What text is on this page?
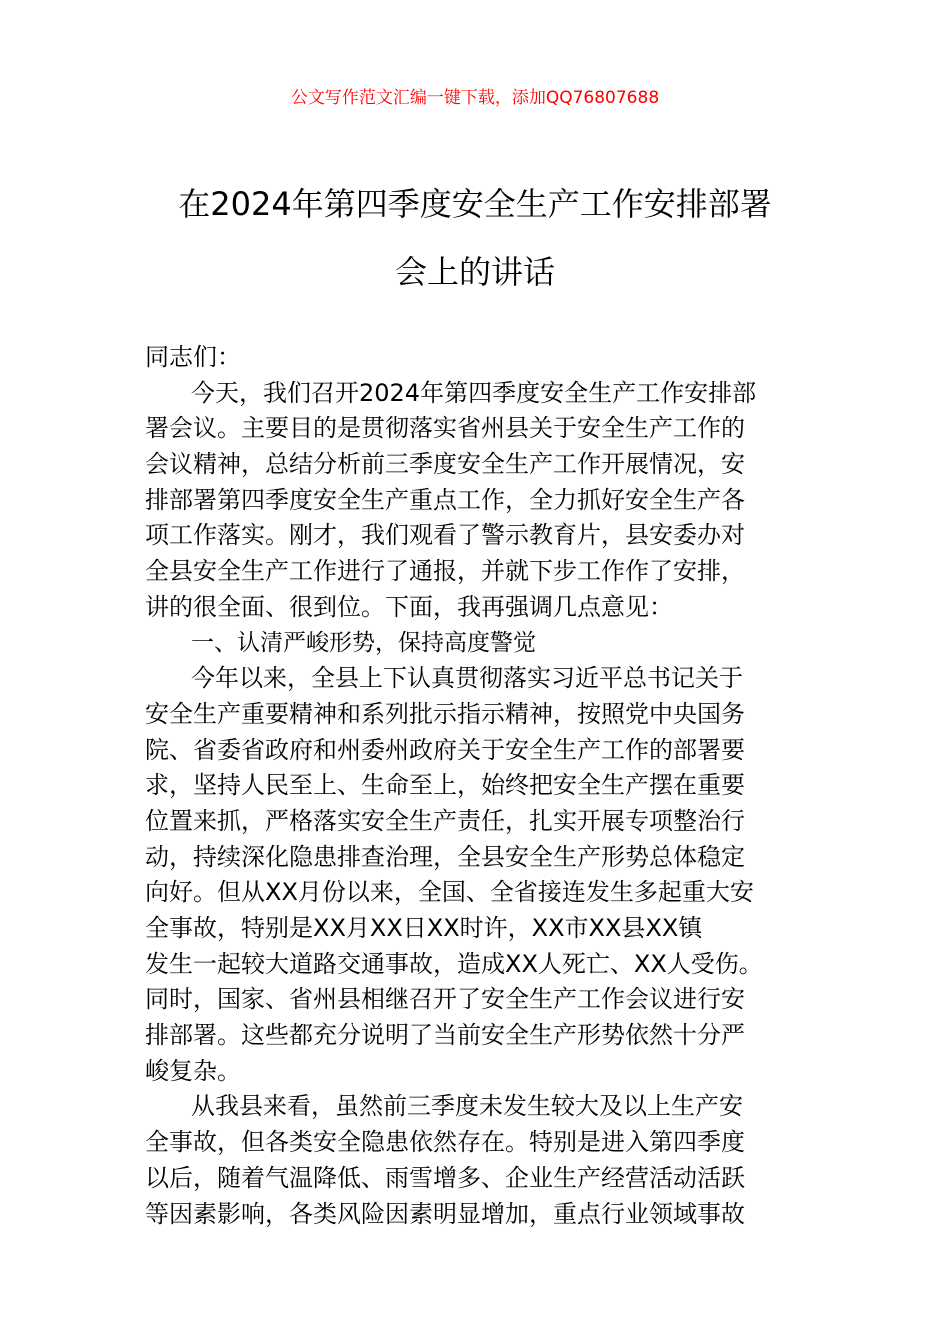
公文写作范文汇编一键下载，添加QQ76807688
在2024年第四季度安全生产工作安排部署
会上的讲话
同志们：
今天，我们召开2024年第四季度安全生产工作安排部
署会议。主要目的是贯彻落实省州县关于安全生产工作的
会议精神，总结分析前三季度安全生产工作开展情况，安
排部署第四季度安全生产重点工作，全力抓好安全生产各
项工作落实。刚才，我们观看了警示教育片，县安委办对
全县安全生产工作进行了通报，并就下步工作作了安排，
讲的很全面、很到位。下面，我再强调几点意见：
一、认清严峻形势，保持高度警觉
今年以来，全县上下认真贯彻落实习近平总书记关于
安全生产重要精神和系列批示指示精神，按照党中央国务
院、省委省政府和州委州政府关于安全生产工作的部署要
求，坚持人民至上、生命至上，始终把安全生产摆在重要
位置来抓，严格落实安全生产责任，扎实开展专项整治行
动，持续深化隐患排查治理，全县安全生产形势总体稳定
向好。但从XX月份以来，全国、全省接连发生多起重大安
全事故，特别是XX月XX日XX时许，XX市XX县XX镇
发生一起较大道路交通事故，造成XX人死亡、XX人受伤。
同时，国家、省州县相继召开了安全生产工作会议进行安
排部署。这些都充分说明了当前安全生产形势依然十分严
峻复杂。
从我县来看，虽然前三季度未发生较大及以上生产安
全事故，但各类安全隐患依然存在。特别是进入第四季度
以后，随着气温降低、雨雪增多、企业生产经营活动活跃
等因素影响，各类风险因素明显增加，重点行业领域事故
